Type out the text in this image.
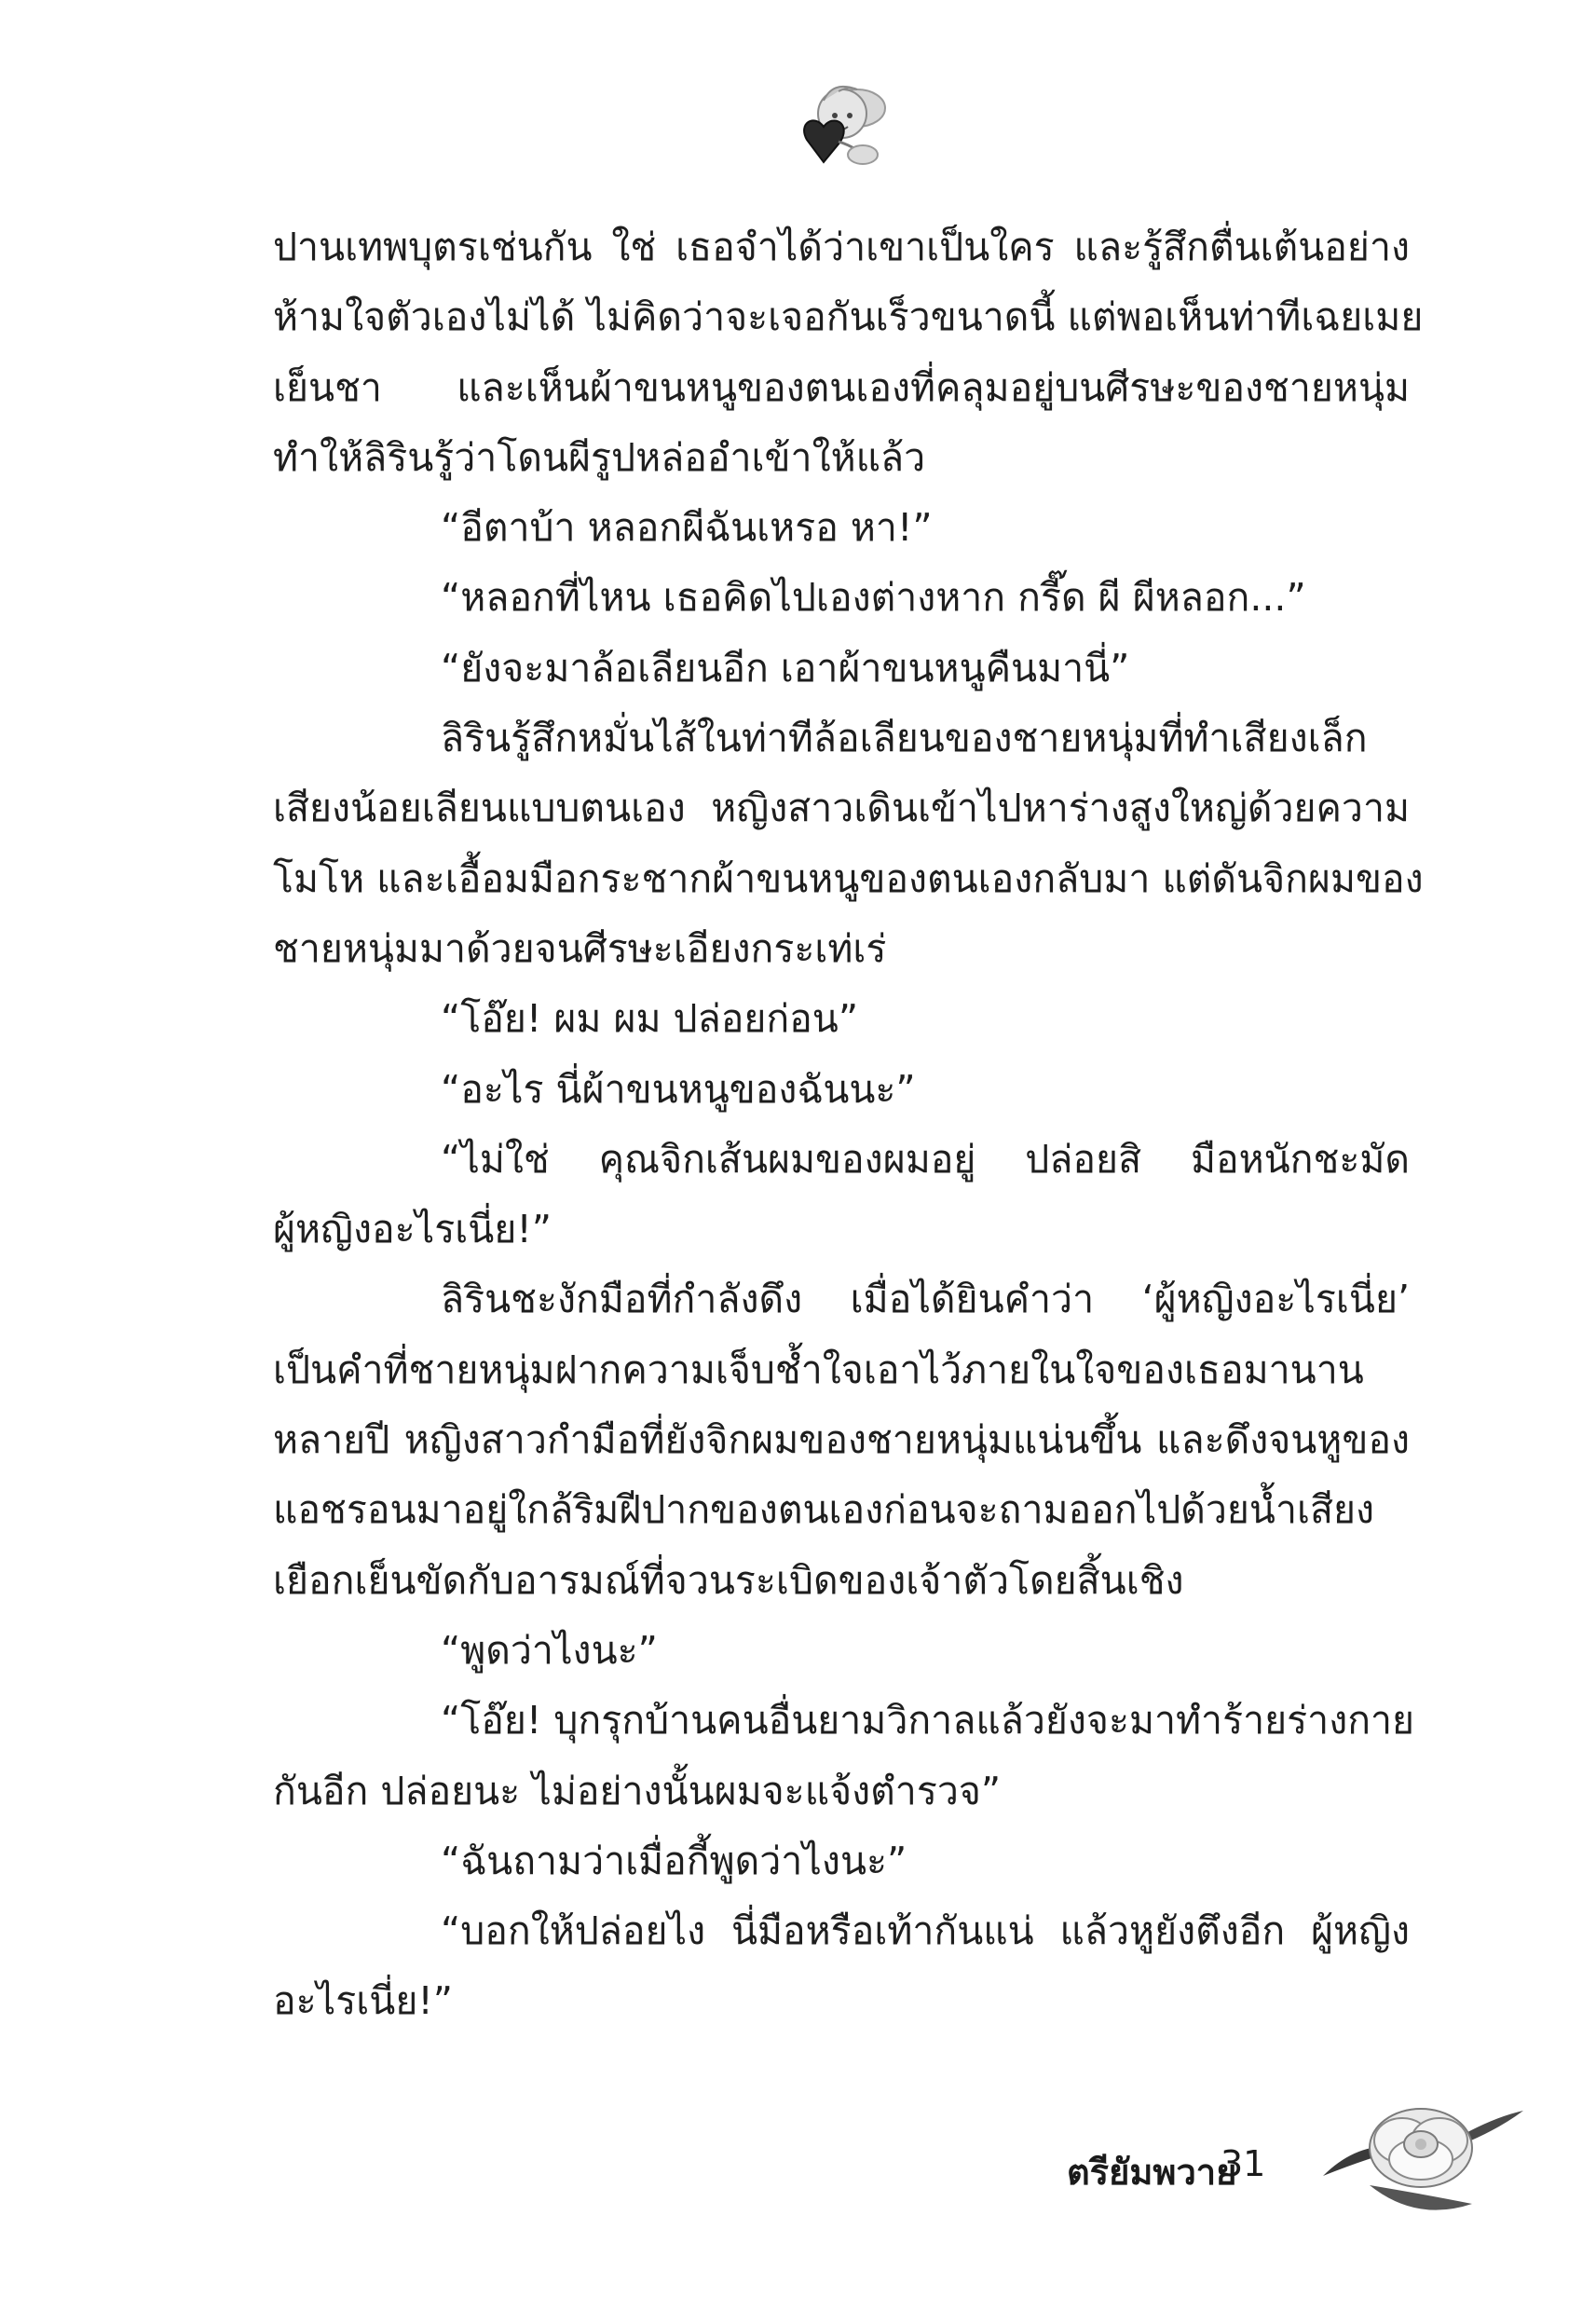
ปานเทพบุตรเช่นกัน ใช่ เธอจำได้ว่าเขาเป็นใคร และรู้สึกตื่นเต้นอย่าง
ห้ามใจตัวเองไม่ได้ ไม่คิดว่าจะเจอกันเร็วขนาดนี้ แต่พอเห็นท่าทีเฉยเมย
เย็นชา และเห็นผ้าขนหนูของตนเองที่คลุมอยู่บนศีรษะของชายหนุ่ม
ทำให้ลิรินรู้ว่าโดนผีรูปหล่ออำเข้าให้แล้ว
“อีตาบ้า หลอกผีฉันเหรอ หา!”
“หลอกที่ไหน เธอคิดไปเองต่างหาก กรี๊ด ผี ผีหลอก...”
“ยังจะมาล้อเลียนอีก เอาผ้าขนหนูคืนมานี่”
ลิรินรู้สึกหมั่นไส้ในท่าทีล้อเลียนของชายหนุ่มที่ทำเสียงเล็ก
เสียงน้อยเลียนแบบตนเอง หญิงสาวเดินเข้าไปหาร่างสูงใหญ่ด้วยความ
โมโห และเอื้อมมือกระชากผ้าขนหนูของตนเองกลับมา แต่ดันจิกผมของ
ชายหนุ่มมาด้วยจนศีรษะเอียงกระเท่เร่
“โอ๊ย! ผม ผม ปล่อยก่อน”
“อะไร นี่ผ้าขนหนูของฉันนะ”
“ไม่ใช่ คุณจิกเส้นผมของผมอยู่ ปล่อยสิ มือหนักชะมัด
ผู้หญิงอะไรเนี่ย!”
ลิรินชะงักมือที่กำลังดึง เมื่อได้ยินคำว่า ‘ผู้หญิงอะไรเนี่ย’
เป็นคำที่ชายหนุ่มฝากความเจ็บช้ำใจเอาไว้ภายในใจของเธอมานาน
หลายปี หญิงสาวกำมือที่ยังจิกผมของชายหนุ่มแน่นขึ้น และดึงจนหูของ
แอชรอนมาอยู่ใกล้ริมฝีปากของตนเองก่อนจะถามออกไปด้วยน้ำเสียง
เยือกเย็นขัดกับอารมณ์ที่จวนระเบิดของเจ้าตัวโดยสิ้นเชิง
“พูดว่าไงนะ”
“โอ๊ย! บุกรุกบ้านคนอื่นยามวิกาลแล้วยังจะมาทำร้ายร่างกาย
กันอีก ปล่อยนะ ไม่อย่างนั้นผมจะแจ้งตำรวจ”
“ฉันถามว่าเมื่อกี้พูดว่าไงนะ”
“บอกให้ปล่อยไง นี่มือหรือเท้ากันแน่ แล้วหูยังตึงอีก ผู้หญิง
อะไรเนี่ย!”
ตรียัมพวาย
31
